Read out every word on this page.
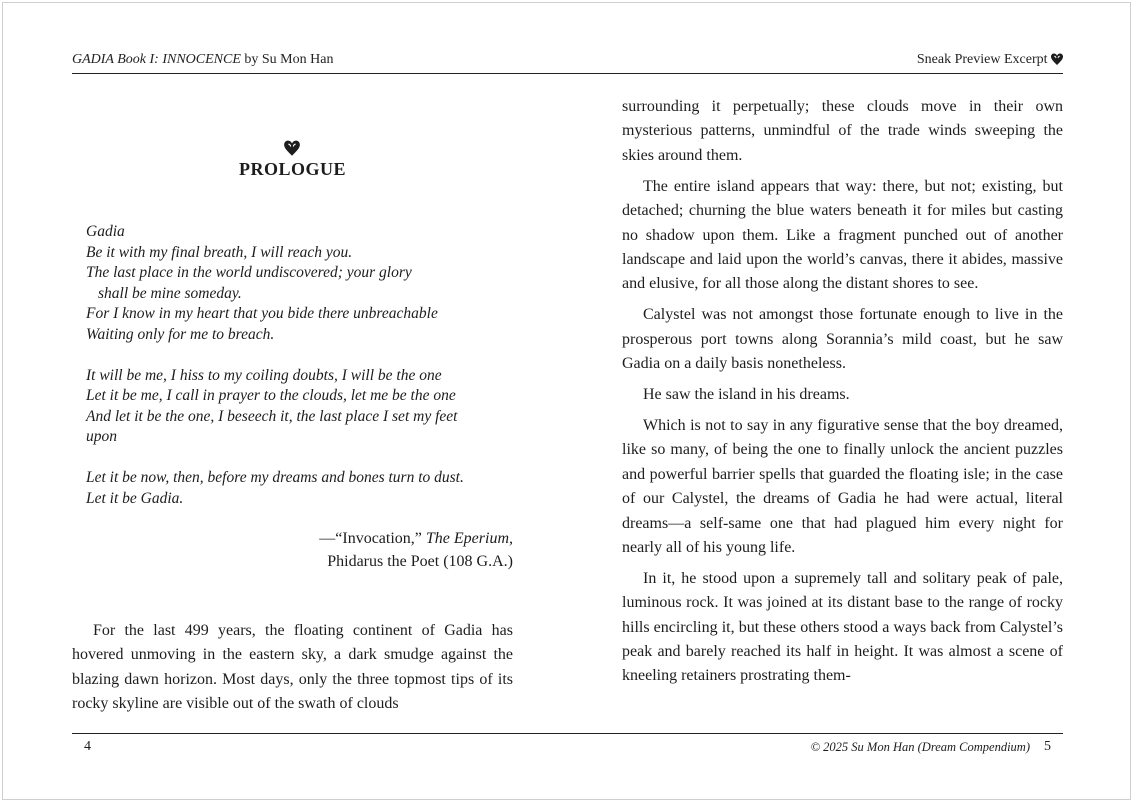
GADIA Book I: INNOCENCE by Su Mon Han	Sneak Preview Excerpt
PROLOGUE
Gadia
Be it with my final breath, I will reach you.
The last place in the world undiscovered; your glory
shall be mine someday.
For I know in my heart that you bide there unbreachable
Waiting only for me to breach.
It will be me, I hiss to my coiling doubts, I will be the one
Let it be me, I call in prayer to the clouds, let me be the one
And let it be the one, I beseech it, the last place I set my feet
upon
Let it be now, then, before my dreams and bones turn to dust.
Let it be Gadia.
—“Invocation,” The Eperium,
Phidarus the Poet (108 G.A.)

For the last 499 years, the floating continent of Gadia has hovered unmoving in the eastern sky, a dark smudge against the blazing dawn horizon. Most days, only the three topmost tips of its rocky skyline are visible out of the swath of clouds

surrounding it perpetually; these clouds move in their own mysterious patterns, unmindful of the trade winds sweeping the skies around them.

The entire island appears that way: there, but not; existing, but detached; churning the blue waters beneath it for miles but casting no shadow upon them. Like a fragment punched out of another landscape and laid upon the world’s canvas, there it abides, massive and elusive, for all those along the distant shores to see.

Calystel was not amongst those fortunate enough to live in the prosperous port towns along Sorannia’s mild coast, but he saw Gadia on a daily basis nonetheless.

He saw the island in his dreams.

Which is not to say in any figurative sense that the boy dreamed, like so many, of being the one to finally unlock the ancient puzzles and powerful barrier spells that guarded the floating isle; in the case of our Calystel, the dreams of Gadia he had were actual, literal dreams—a self-same one that had plagued him every night for nearly all of his young life.

In it, he stood upon a supremely tall and solitary peak of pale, luminous rock. It was joined at its distant base to the range of rocky hills encircling it, but these others stood a ways back from Calystel’s peak and barely reached its half in height. It was almost a scene of kneeling retainers prostrating them-

4	© 2025 Su Mon Han (Dream Compendium) 5
